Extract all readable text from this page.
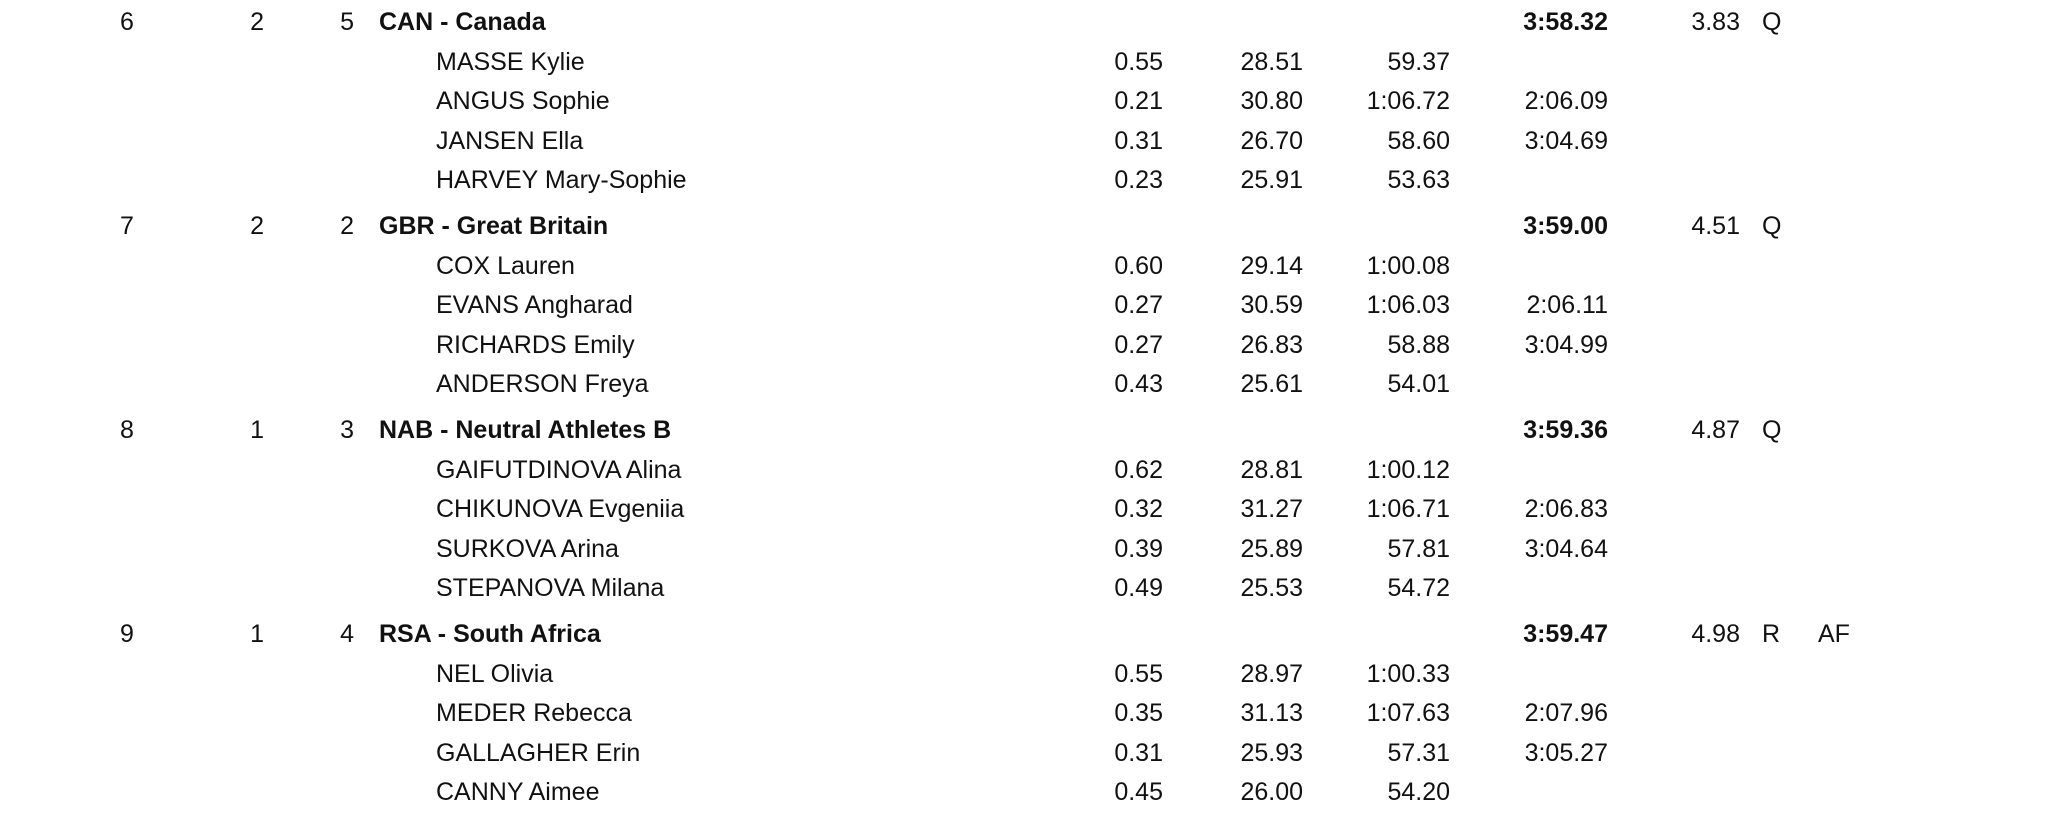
6	2	5 CAN - Canada	3:58.32	3.83 Q
MASSE Kylie	0.55	28.51	59.37
ANGUS Sophie	0.21	30.80	1:06.72	2:06.09
JANSEN Ella	0.31	26.70	58.60	3:04.69
HARVEY Mary-Sophie	0.23	25.91	53.63
7	2	2 GBR - Great Britain	3:59.00	4.51 Q
COX Lauren	0.60	29.14	1:00.08
EVANS Angharad	0.27	30.59	1:06.03	2:06.11
RICHARDS Emily	0.27	26.83	58.88	3:04.99
ANDERSON Freya	0.43	25.61	54.01
8	1	3 NAB - Neutral Athletes B	3:59.36	4.87 Q
GAIFUTDINOVA Alina	0.62	28.81	1:00.12
CHIKUNOVA Evgeniia	0.32	31.27	1:06.71	2:06.83
SURKOVA Arina	0.39	25.89	57.81	3:04.64
STEPANOVA Milana	0.49	25.53	54.72
9	1	4 RSA - South Africa	3:59.47	4.98 R	AF
NEL Olivia	0.55	28.97	1:00.33
MEDER Rebecca	0.35	31.13	1:07.63	2:07.96
GALLAGHER Erin	0.31	25.93	57.31	3:05.27
CANNY Aimee	0.45	26.00	54.20
